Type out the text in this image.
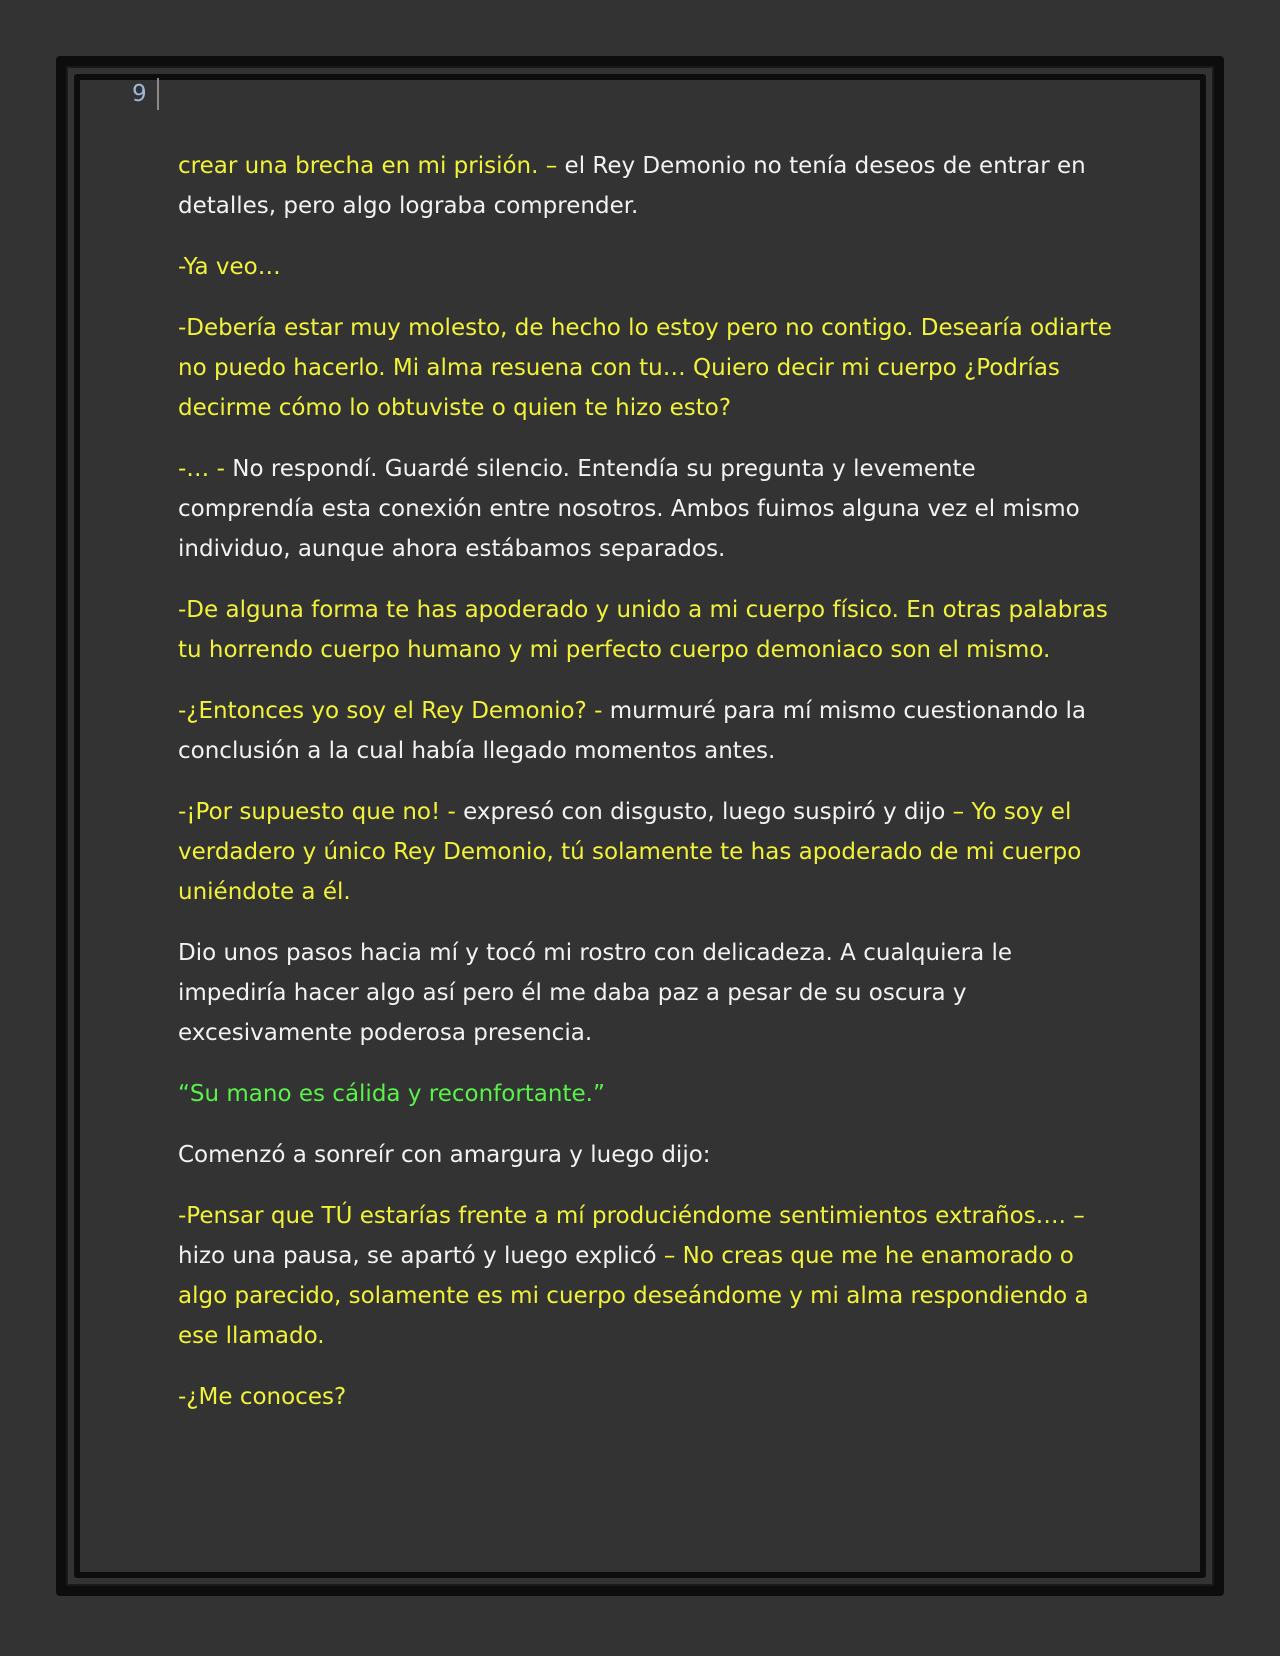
9

crear una brecha en mi prisión. – el Rey Demonio no tenía deseos de entrar en detalles, pero algo lograba comprender.

-Ya veo…

-Debería estar muy molesto, de hecho lo estoy pero no contigo. Desearía odiarte no puedo hacerlo. Mi alma resuena con tu… Quiero decir mi cuerpo ¿Podrías decirme cómo lo obtuviste o quien te hizo esto?

-… - No respondí. Guardé silencio. Entendía su pregunta y levemente comprendía esta conexión entre nosotros. Ambos fuimos alguna vez el mismo individuo, aunque ahora estábamos separados.

-De alguna forma te has apoderado y unido a mi cuerpo físico. En otras palabras tu horrendo cuerpo humano y mi perfecto cuerpo demoniaco son el mismo.

-¿Entonces yo soy el Rey Demonio? - murmuré para mí mismo cuestionando la conclusión a la cual había llegado momentos antes.

-¡Por supuesto que no! - expresó con disgusto, luego suspiró y dijo – Yo soy el verdadero y único Rey Demonio, tú solamente te has apoderado de mi cuerpo uniéndote a él.

Dio unos pasos hacia mí y tocó mi rostro con delicadeza. A cualquiera le impediría hacer algo así pero él me daba paz a pesar de su oscura y excesivamente poderosa presencia.

“Su mano es cálida y reconfortante.”

Comenzó a sonreír con amargura y luego dijo:

-Pensar que TÚ estarías frente a mí produciéndome sentimientos extraños…. – hizo una pausa, se apartó y luego explicó – No creas que me he enamorado o algo parecido, solamente es mi cuerpo deseándome y mi alma respondiendo a ese llamado.

-¿Me conoces?
